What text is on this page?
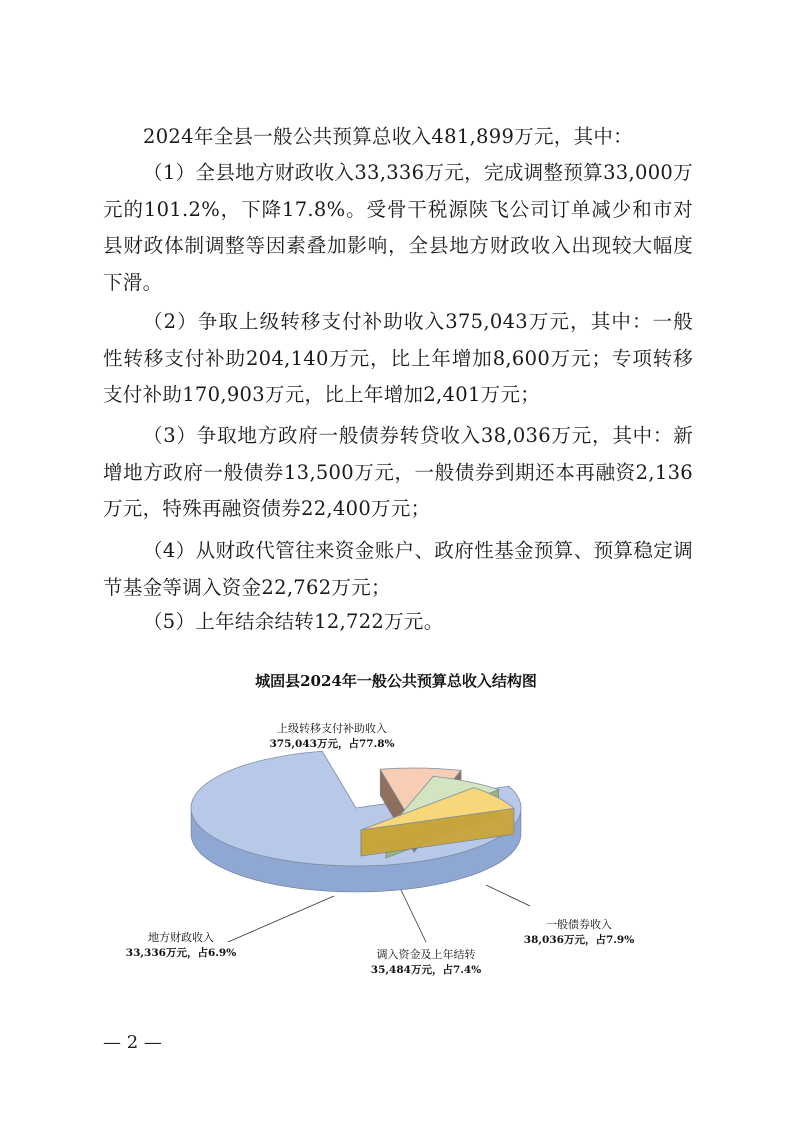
2024年全县一般公共预算总收入481,899万元，其中：

（1）全县地方财政收入33,336万元，完成调整预算33,000万元的101.2%，下降17.8%。受骨干税源陕飞公司订单减少和市对县财政体制调整等因素叠加影响，全县地方财政收入出现较大幅度下滑。

（2）争取上级转移支付补助收入375,043万元，其中：一般性转移支付补助204,140万元，比上年增加8,600万元；专项转移支付补助170,903万元，比上年增加2,401万元；

（3）争取地方政府一般债券转贷收入38,036万元，其中：新增地方政府一般债券13,500万元，一般债券到期还本再融资2,136万元，特殊再融资债券22,400万元；

（4）从财政代管往来资金账户、政府性基金预算、预算稳定调节基金等调入资金22,762万元；

（5）上年结余结转12,722万元。

城固县2024年一般公共预算总收入结构图
上级转移支付补助收入
375,043万元，占77.8%
一般债券收入
38,036万元，占7.9%
调入资金及上年结转
35,484万元，占7.4%
地方财政收入
33,336万元，占6.9%
— 2 —
